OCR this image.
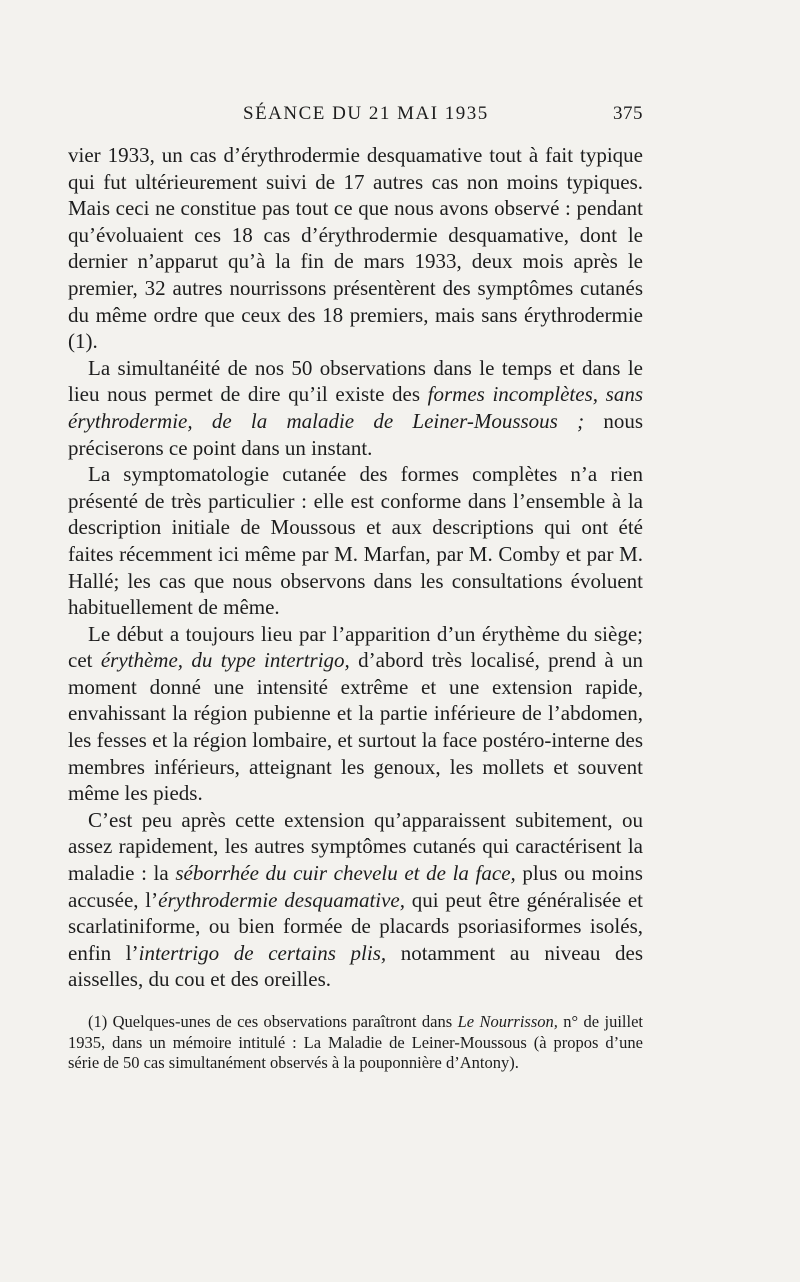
SÉANCE DU 21 MAI 1935	375

vier 1933, un cas d’érythrodermie desquamative tout à fait typique qui fut ultérieurement suivi de 17 autres cas non moins typiques. Mais ceci ne constitue pas tout ce que nous avons observé : pendant qu’évoluaient ces 18 cas d’érythrodermie desquamative, dont le dernier n’apparut qu’à la fin de mars 1933, deux mois après le premier, 32 autres nourrissons présentèrent des symptômes cutanés du même ordre que ceux des 18 premiers, mais sans érythrodermie (1).

La simultanéité de nos 50 observations dans le temps et dans le lieu nous permet de dire qu’il existe des formes incomplètes, sans érythrodermie, de la maladie de Leiner-Moussous ; nous préciserons ce point dans un instant.

La symptomatologie cutanée des formes complètes n’a rien présenté de très particulier : elle est conforme dans l’ensemble à la description initiale de Moussous et aux descriptions qui ont été faites récemment ici même par M. Marfan, par M. Comby et par M. Hallé; les cas que nous observons dans les consultations évoluent habituellement de même.

Le début a toujours lieu par l’apparition d’un érythème du siège; cet érythème, du type intertrigo, d’abord très localisé, prend à un moment donné une intensité extrême et une extension rapide, envahissant la région pubienne et la partie inférieure de l’abdomen, les fesses et la région lombaire, et surtout la face postéro-interne des membres inférieurs, atteignant les genoux, les mollets et souvent même les pieds.

C’est peu après cette extension qu’apparaissent subitement, ou assez rapidement, les autres symptômes cutanés qui caractérisent la maladie : la séborrhée du cuir chevelu et de la face, plus ou moins accusée, l’érythrodermie desquamative, qui peut être généralisée et scarlatiniforme, ou bien formée de placards psoriasiformes isolés, enfin l’intertrigo de certains plis, notamment au niveau des aisselles, du cou et des oreilles.

(1) Quelques-unes de ces observations paraîtront dans Le Nourrisson, n° de juillet 1935, dans un mémoire intitulé : La Maladie de Leiner-Moussous (à propos d’une série de 50 cas simultanément observés à la pouponnière d’Antony).
